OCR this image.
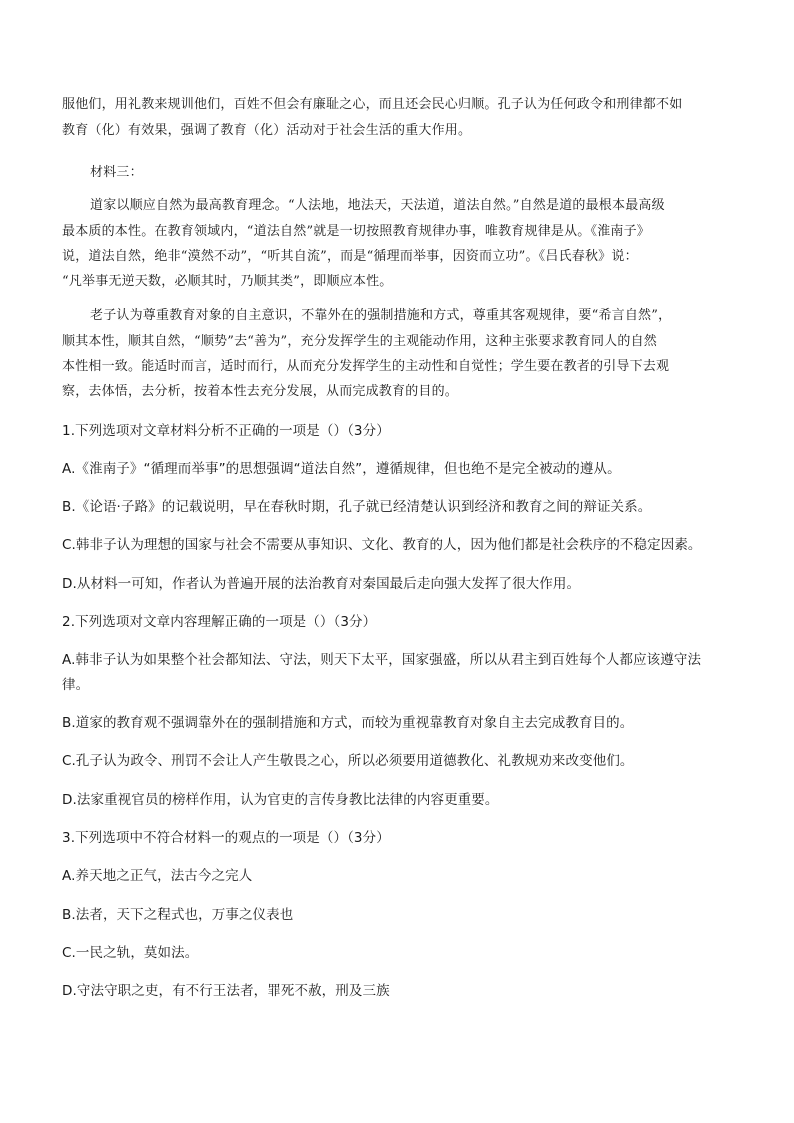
服他们，用礼教来规训他们，百姓不但会有廉耻之心，而且还会民心归顺。孔子认为任何政令和刑律都不如
教育（化）有效果，强调了教育（化）活动对于社会生活的重大作用。
材料三：
道家以顺应自然为最高教育理念。“人法地，地法天，天法道，道法自然。”自然是道的最根本最高级
最本质的本性。在教育领域内，“道法自然”就是一切按照教育规律办事，唯教育规律是从。《淮南子》
说，道法自然，绝非“漠然不动”，“听其自流”，而是“循理而举事，因资而立功”。《吕氏春秋》说：
“凡举事无逆天数，必顺其时，乃顺其类”，即顺应本性。
老子认为尊重教育对象的自主意识，不靠外在的强制措施和方式，尊重其客观规律，要“希言自然”，
顺其本性，顺其自然，“顺势”去“善为”，充分发挥学生的主观能动作用，这种主张要求教育同人的自然
本性相一致。能适时而言，适时而行，从而充分发挥学生的主动性和自觉性；学生要在教者的引导下去观
察，去体悟，去分析，按着本性去充分发展，从而完成教育的目的。
1.下列选项对文章材料分析不正确的一项是（）（3分）
A.《淮南子》“循理而举事”的思想强调“道法自然”，遵循规律，但也绝不是完全被动的遵从。
B.《论语·子路》的记载说明，早在春秋时期，孔子就已经清楚认识到经济和教育之间的辩证关系。
C.韩非子认为理想的国家与社会不需要从事知识、文化、教育的人，因为他们都是社会秩序的不稳定因素。
D.从材料一可知，作者认为普遍开展的法治教育对秦国最后走向强大发挥了很大作用。
2.下列选项对文章内容理解正确的一项是（）（3分）
A.韩非子认为如果整个社会都知法、守法，则天下太平，国家强盛，所以从君主到百姓每个人都应该遵守法
律。
B.道家的教育观不强调靠外在的强制措施和方式，而较为重视靠教育对象自主去完成教育目的。
C.孔子认为政令、刑罚不会让人产生敬畏之心，所以必须要用道德教化、礼教规劝来改变他们。
D.法家重视官员的榜样作用，认为官吏的言传身教比法律的内容更重要。
3.下列选项中不符合材料一的观点的一项是（）（3分）
A.养天地之正气，法古今之完人
B.法者，天下之程式也，万事之仪表也
C.一民之轨，莫如法。
D.守法守职之吏，有不行王法者，罪死不赦，刑及三族
